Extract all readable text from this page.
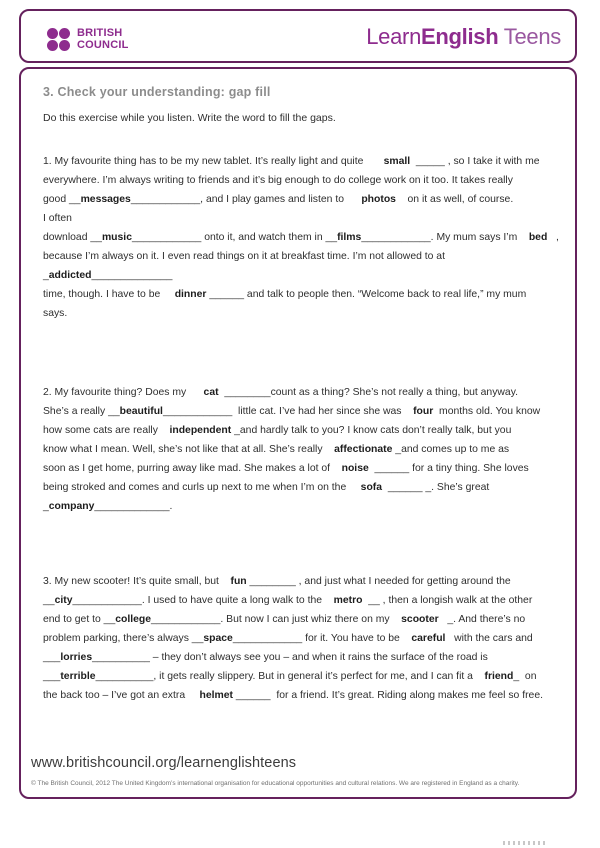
BRITISH
COUNCIL	LearnEnglish Teens
3. Check your understanding: gap fill
Do this exercise while you listen. Write the word to fill the gaps.
1. My favourite thing has to be my new tablet. It’s really light and quite       small  _____ , so I take it with me
everywhere. I’m always writing to friends and it’s big enough to do college work on it too. It takes really
good __messages____________, and I play games and listen to      photos    on it as well, of course.
I often
download __music____________ onto it, and watch them in __films____________. My mum says I’m    bed   ,
because I’m always on it. I even read things on it at breakfast time. I’m not allowed to at
_addicted______________
time, though. I have to be     dinner ______ and talk to people then. “Welcome back to real life,” my mum
says.
2. My favourite thing? Does my      cat  ________count as a thing? She’s not really a thing, but anyway.
She’s a really __beautiful____________  little cat. I’ve had her since she was    four  months old. You know
how some cats are really    independent _and hardly talk to you? I know cats don’t really talk, but you
know what I mean. Well, she’s not like that at all. She’s really    affectionate _and comes up to me as
soon as I get home, purring away like mad. She makes a lot of    noise  ______ for a tiny thing. She loves
being stroked and comes and curls up next to me when I’m on the     sofa  ______ _. She’s great
_company_____________.
3. My new scooter! It’s quite small, but    fun ________ , and just what I needed for getting around the
__city____________. I used to have quite a long walk to the    metro  __ , then a longish walk at the other
end to get to __college____________. But now I can just whiz there on my    scooter   _. And there’s no
problem parking, there’s always __space____________ for it. You have to be    careful   with the cars and
___lorries__________ – they don’t always see you – and when it rains the surface of the road is
___terrible__________, it gets really slippery. But in general it’s perfect for me, and I can fit a    friend_  on
the back too – I’ve got an extra     helmet ______  for a friend. It’s great. Riding along makes me feel so free.
www.britishcouncil.org/learnenglishteens
© The British Council, 2012 The United Kingdom’s international organisation for educational opportunities and cultural relations. We are registered in England as a charity.
